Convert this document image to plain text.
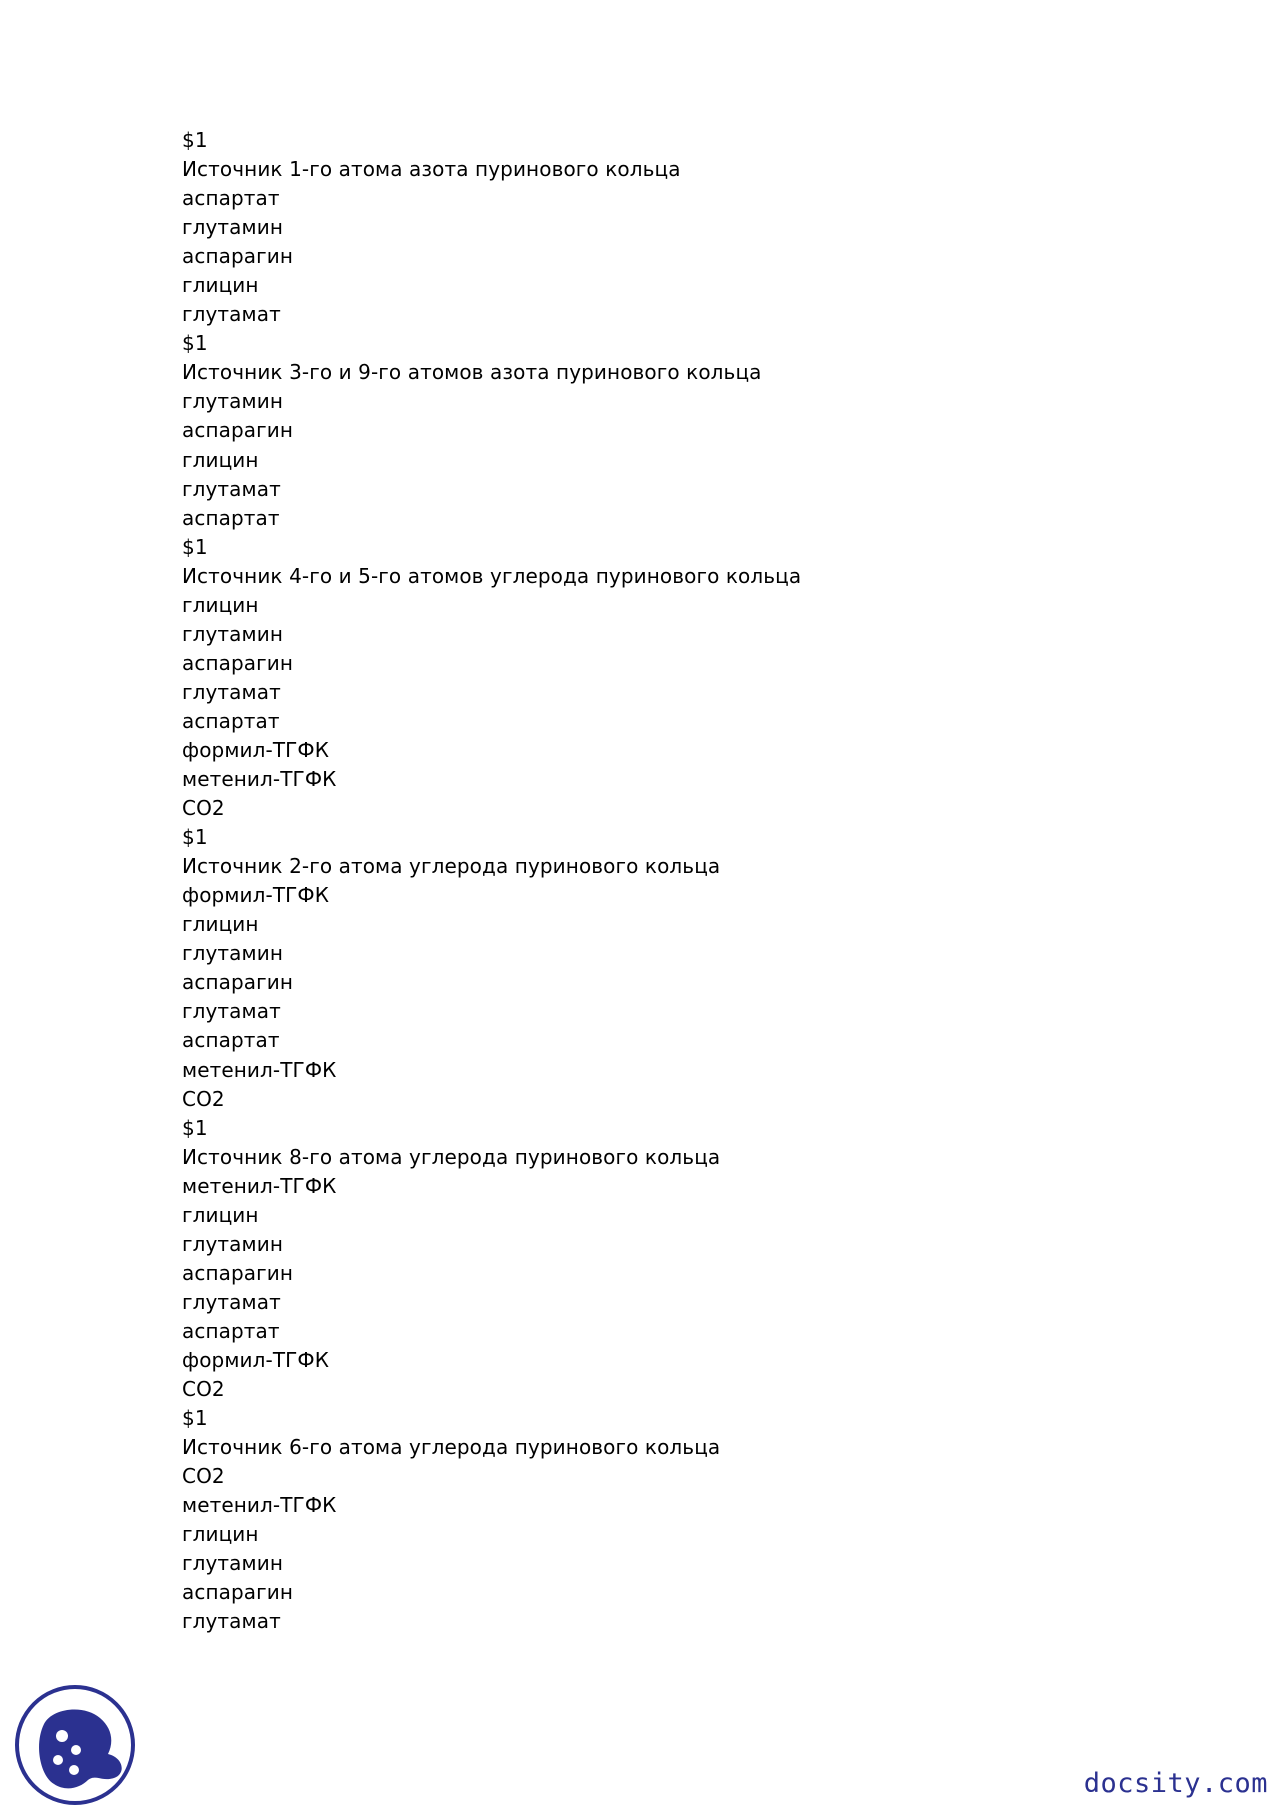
$1
Источник 1-го атома азота пуринового кольца
аспартат
глутамин
аспарагин
глицин
глутамат
$1
Источник 3-го и 9-го атомов азота пуринового кольца
глутамин
аспарагин
глицин
глутамат
аспартат
$1
Источник 4-го и 5-го атомов углерода пуринового кольца
глицин
глутамин
аспарагин
глутамат
аспартат
формил-ТГФК
метенил-ТГФК
CO2
$1
Источник 2-го атома углерода пуринового кольца
формил-ТГФК
глицин
глутамин
аспарагин
глутамат
аспартат
метенил-ТГФК
CO2
$1
Источник 8-го атома углерода пуринового кольца
метенил-ТГФК
глицин
глутамин
аспарагин
глутамат
аспартат
формил-ТГФК
CO2
$1
Источник 6-го атома углерода пуринового кольца
CO2
метенил-ТГФК
глицин
глутамин
аспарагин
глутамат
docsity.com
